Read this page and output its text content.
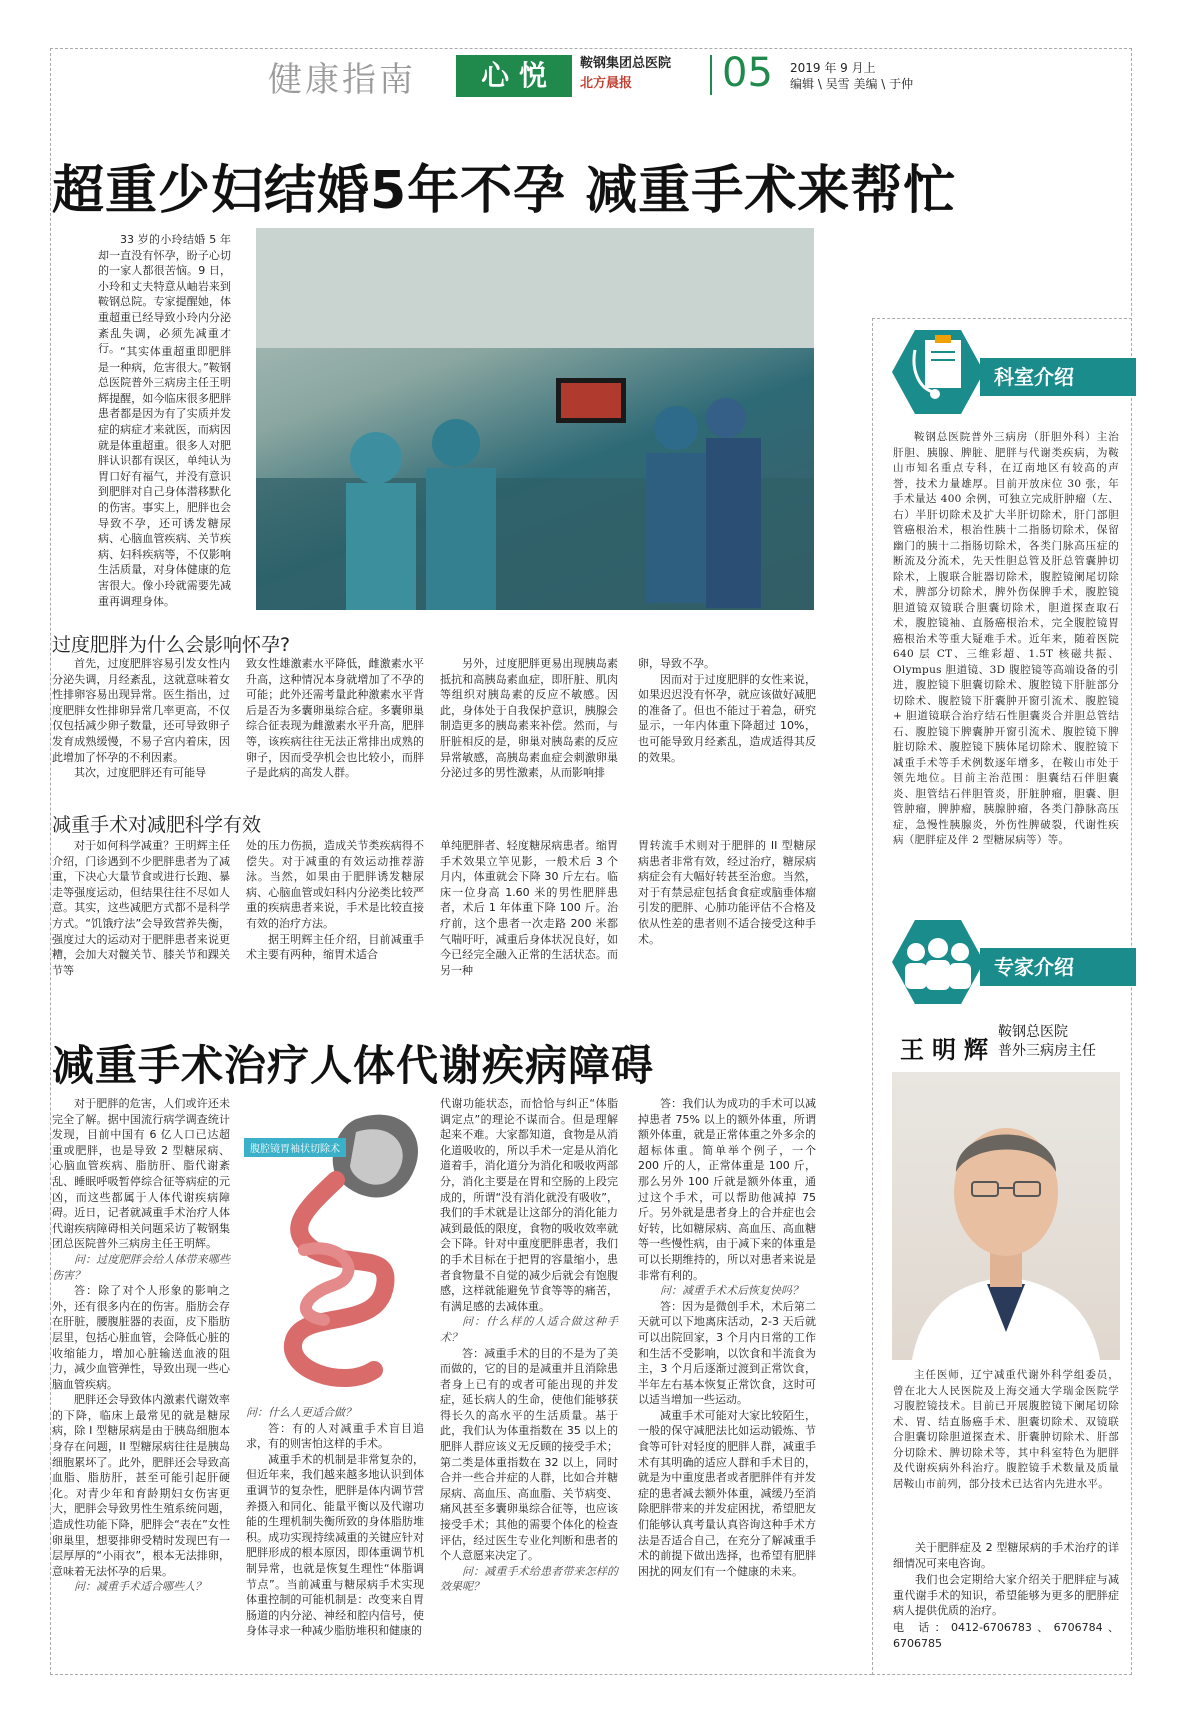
健康指南	心 悦	鞍钢集团总医院
北方晨报 05 2019 年 9 月上
编辑 \ 吴雪 美编 \ 于仲
超重少妇结婚5年不孕 减重手术来帮忙
33 岁的小玲结婚 5 年却一直没有怀孕，盼子心切的一家人都很苦恼。9 日，小玲和丈夫特意从岫岩来到鞍钢总院。专家提醒她，体重超重已经导致小玲内分泌紊乱失调，必须先减重才行。 “其实体重超重即肥胖是一种病，危害很大。”鞍钢总医院普外三病房主任王明辉提醒，如今临床很多肥胖患者都是因为有了实质并发症的病症才来就医，而病因就是体重超重。很多人对肥胖认识都有误区，单纯认为胃口好有福气，并没有意识到肥胖对自己身体潜移默化的伤害。事实上，肥胖也会导致不孕，还可诱发糖尿病、心脑血管疾病、关节疾病、妇科疾病等，不仅影响生活质量，对身体健康的危害很大。像小玲就需要先减重再调理身体。
过度肥胖为什么会影响怀孕?
首先，过度肥胖容易引发女性内分泌失调，月经紊乱，这就意味着女性排卵容易出现异常。医生指出，过度肥胖女性排卵异常几率更高，不仅仅包括减少卵子数量，还可导致卵子发育成熟缓慢，不易子宫内着床，因此增加了怀孕的不利因素。
其次，过度肥胖还有可能导
致女性雄激素水平降低，雌激素水平升高，这种情况本身就增加了不孕的可能；此外还需考量此种激素水平背后是否为多囊卵巢综合症。多囊卵巢综合征表现为雌激素水平升高，肥胖等，该疾病往往无法正常排出成熟的卵子，因而受孕机会也比较小，而胖子是此病的高发人群。
另外，过度肥胖更易出现胰岛素抵抗和高胰岛素血症，即肝脏、肌肉等组织对胰岛素的反应不敏感。因此，身体处于自我保护意识，胰腺会制造更多的胰岛素来补偿。然而，与肝脏相反的是，卵巢对胰岛素的反应异常敏感，高胰岛素血症会刺激卵巢分泌过多的男性激素，从而影响排
卵，导致不孕。
因而对于过度肥胖的女性来说，如果迟迟没有怀孕，就应该做好减肥的准备了。但也不能过于着急，研究显示，一年内体重下降超过 10%，也可能导致月经紊乱，造成适得其反的效果。
减重手术对减肥科学有效
对于如何科学减重？王明辉主任介绍，门诊遇到不少肥胖患者为了减重，下决心大量节食或进行长跑、暴走等强度运动，但结果往往不尽如人意。其实，这些减肥方式都不是科学方式。“饥饿疗法”会导致营养失衡，强度过大的运动对于肥胖患者来说更糟，会加大对髋关节、膝关节和踝关节等
处的压力伤损，造成关节类疾病得不偿失。对于减重的有效运动推荐游泳。当然，如果由于肥胖诱发糖尿病、心脑血管或妇科内分泌类比较严重的疾病患者来说，手术是比较直接有效的治疗方法。
据王明辉主任介绍，目前减重手术主要有两种，缩胃术适合
单纯肥胖者、轻度糖尿病患者。缩胃手术效果立竿见影，一般术后 3 个月内，体重就会下降 30 斤左右。临床一位身高 1.60 米的男性肥胖患者，术后 1 年体重下降 100 斤。治疗前，这个患者一次走路 200 米都气喘吁吁，减重后身体状况良好，如今已经完全融入正常的生活状态。而另一种
胃转流手术则对于肥胖的 II 型糖尿病患者非常有效，经过治疗，糖尿病病症会有大幅好转甚至治愈。当然，对于有禁忌症包括食食症或脑垂体瘤引发的肥胖、心肺功能评估不合格及依从性差的患者则不适合接受这种手术。
减重手术治疗人体代谢疾病障碍
对于肥胖的危害，人们或许还未完全了解。据中国流行病学调查统计发现，目前中国有 6 亿人口已达超重或肥胖，也是导致 2 型糖尿病、心脑血管疾病、脂肪肝、脂代谢紊乱、睡眠呼吸暂停综合征等病症的元凶，而这些都属于人体代谢疾病障碍。近日，记者就减重手术治疗人体代谢疾病障碍相关问题采访了鞍钢集团总医院普外三病房主任王明辉。
问：过度肥胖会给人体带来哪些伤害？
答：除了对个人形象的影响之外，还有很多内在的伤害。脂肪会存在肝脏，腰腹脏器的表面，皮下脂肪层里，包括心脏血管，会降低心脏的收缩能力，增加心脏输送血液的阻力，减少血管弹性，导致出现一些心脑血管疾病。
肥胖还会导致体内激素代谢效率的下降，临床上最常见的就是糖尿病，除 I 型糖尿病是由于胰岛细胞本身存在问题，II 型糖尿病往往是胰岛细胞累坏了。此外，肥胖还会导致高血脂、脂肪肝，甚至可能引起肝硬化。对青少年和育龄期妇女伤害更大，肥胖会导致男性生殖系统问题，造成性功能下降，肥胖会“表在”女性卵巢里，想要排卵受精时发现巴有一层厚厚的“小雨衣”，根本无法排卵，意味着无法怀孕的后果。
问：减重手术适合哪些人？
腹腔镜胃袖状切除术
问：什么人更适合做？
答：有的人对减重手术盲目追求，有的则害怕这样的手术。
减重手术的机制是非常复杂的，但近年来，我们越来越多地认识到体重调节的复杂性，肥胖是体内调节营养摄入和同化、能量平衡以及代谢功能的生理机制失衡所致的身体脂肪堆积。成功实现持续减重的关键应针对肥胖形成的根本原因，即体重调节机制异常，也就是恢复生理性“体脂调节点”。当前减重与糖尿病手术实现体重控制的可能机制是：改变来自胃肠道的内分泌、神经和腔内信号，使身体寻求一种减少脂肪堆积和健康的
代谢功能状态，而恰恰与纠正“体脂调定点”的理论不谋而合。但是理解起来不难。大家都知道，食物是从消化道吸收的，所以手术一定是从消化道着手，消化道分为消化和吸收两部分，消化主要是在胃和空肠的上段完成的，所谓“没有消化就没有吸收”，我们的手术就是让这部分的消化能力减到最低的限度，食物的吸收效率就会下降。针对中重度肥胖患者，我们的手术目标在于把胃的容量缩小，患者食物量不自觉的减少后就会有饱腹感，这样就能避免节食等等的痛苦，有满足感的去减体重。
问：什么样的人适合做这种手术？
答：减重手术的目的不是为了美而做的，它的目的是减重并且消除患者身上已有的或者可能出现的并发症，延长病人的生命，使他们能够获得长久的高水平的生活质量。基于此，我们认为体重指数在 35 以上的肥胖人群应该义无反顾的接受手术；第二类是体重指数在 32 以上，同时合并一些合并症的人群，比如合并糖尿病、高血压、高血脂、关节病变、痛风甚至多囊卵巢综合征等，也应该接受手术；其他的需要个体化的检查评估，经过医生专业化判断和患者的个人意愿来决定了。
问：减重手术给患者带来怎样的效果呢？
答：我们认为成功的手术可以减掉患者 75% 以上的额外体重，所谓额外体重，就是正常体重之外多余的超标体重。简单举个例子，一个 200 斤的人，正常体重是 100 斤，那么另外 100 斤就是额外体重，通过这个手术，可以帮助他减掉 75 斤。另外就是患者身上的合并症也会好转，比如糖尿病、高血压、高血糖等一些慢性病，由于减下来的体重是可以长期维持的，所以对患者来说是非常有利的。
问：减重手术术后恢复快吗？
答：因为是微创手术，术后第二天就可以下地离床活动，2-3 天后就可以出院回家，3 个月内日常的工作和生活不受影响，以饮食和半流食为主，3 个月后逐渐过渡到正常饮食，半年左右基本恢复正常饮食，这时可以适当增加一些运动。
减重手术可能对大家比较陌生，一般的保守减肥法比如运动锻炼、节食等可针对轻度的肥胖人群，减重手术有其明确的适应人群和手术目的，就是为中重度患者或者肥胖伴有并发症的患者减去额外体重，减缓乃至消除肥胖带来的并发症困扰，希望肥友们能够认真考量认真咨询这种手术方法是否适合自己，在充分了解减重手术的前提下做出选择，也希望有肥胖困扰的网友们有一个健康的未来。
科室介绍
鞍钢总医院普外三病房（肝胆外科）主治肝胆、胰腺、脾脏、肥胖与代谢类疾病，为鞍山市知名重点专科，在辽南地区有较高的声誉，技术力量雄厚。目前开放床位 30 张，年手术量达 400 余例，可独立完成肝肿瘤（左、右）半肝切除术及扩大半肝切除术，肝门部胆管癌根治术，根治性胰十二指肠切除术，保留幽门的胰十二指肠切除术，各类门脉高压症的断流及分流术，先天性胆总管及肝总管囊肿切除术，上腹联合脏器切除术，腹腔镜阑尾切除术，脾部分切除术，脾外伤保脾手术，腹腔镜胆道镜双镜联合胆囊切除术，胆道探查取石术，腹腔镜袖、直肠癌根治术，完全腹腔镜胃癌根治术等重大疑难手术。近年来，随着医院 640 层 CT、三维彩超、1.5T 核磁共振、Olympus 胆道镜、3D 腹腔镜等高端设备的引进，腹腔镜下胆囊切除术、腹腔镜下肝脏部分切除术、腹腔镜下肝囊肿开窗引流术、腹腔镜 + 胆道镜联合治疗结石性胆囊炎合并胆总管结石、腹腔镜下脾囊肿开窗引流术、腹腔镜下脾脏切除术、腹腔镜下胰体尾切除术、腹腔镜下减重手术等手术例数逐年增多，在鞍山市处于领先地位。目前主治范围：胆囊结石伴胆囊炎、胆管结石伴胆管炎，肝脏肿瘤，胆囊、胆管肿瘤，脾肿瘤，胰腺肿瘤，各类门静脉高压症，急慢性胰腺炎，外伤性脾破裂，代谢性疾病（肥胖症及伴 2 型糖尿病等）等。
专家介绍
王明辉
鞍钢总医院
普外三病房主任
主任医师，辽宁减重代谢外科学组委员，曾在北大人民医院及上海交通大学瑞金医院学习腹腔镜技术。目前已开展腹腔镜下阑尾切除术、胃、结直肠癌手术、胆囊切除术、双镜联合胆囊切除胆道探查术、肝囊肿切除术、肝部分切除术、脾切除术等，其中科室特色为肥胖及代谢疾病外科治疗。腹腔镜手术数量及质量居鞍山市前列，部分技术已达省内先进水平。
关于肥胖症及 2 型糖尿病的手术治疗的详细情况可来电咨询。
我们也会定期给大家介绍关于肥胖症与减重代谢手术的知识，希望能够为更多的肥胖症病人提供优质的治疗。
电 话：0412-6706783、6706784、6706785
